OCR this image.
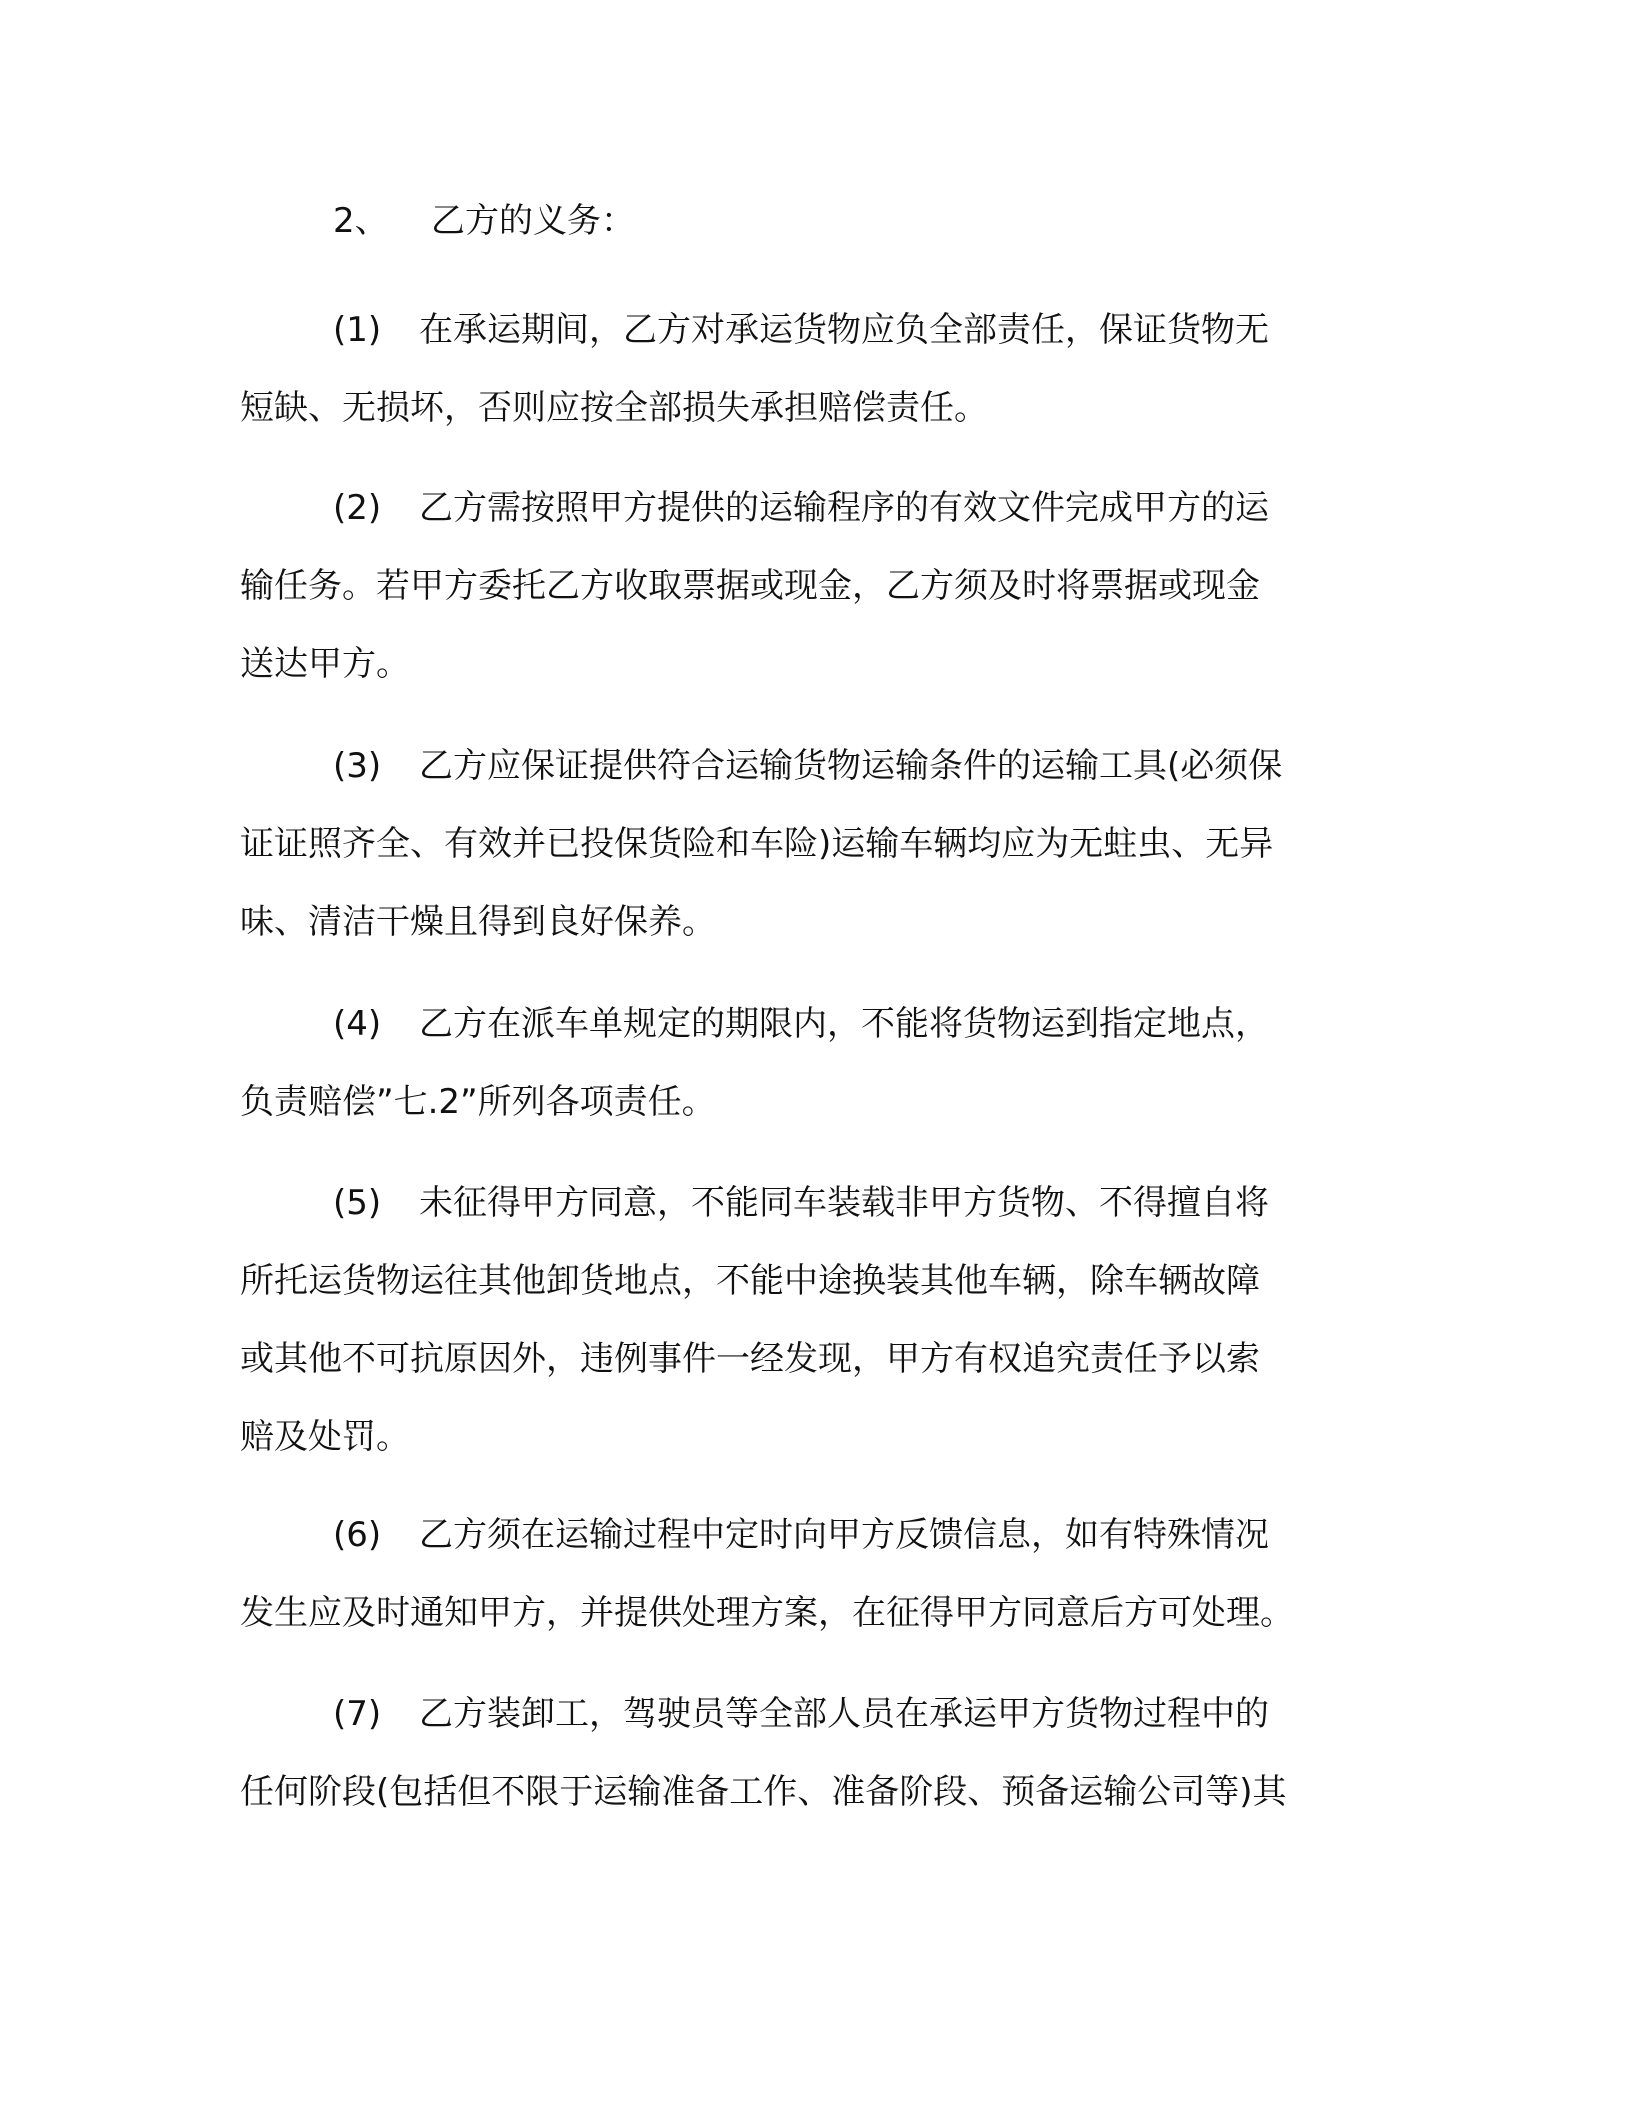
2、 乙方的义务：
(1) 在承运期间，乙方对承运货物应负全部责任，保证货物无
短缺、无损坏，否则应按全部损失承担赔偿责任。
(2) 乙方需按照甲方提供的运输程序的有效文件完成甲方的运
输任务。若甲方委托乙方收取票据或现金，乙方须及时将票据或现金
送达甲方。
(3) 乙方应保证提供符合运输货物运输条件的运输工具(必须保
证证照齐全、有效并已投保货险和车险)运输车辆均应为无蛀虫、无异
味、清洁干燥且得到良好保养。
(4) 乙方在派车单规定的期限内，不能将货物运到指定地点，
负责赔偿”七.2”所列各项责任。
(5) 未征得甲方同意，不能同车装载非甲方货物、不得擅自将
所托运货物运往其他卸货地点，不能中途换装其他车辆，除车辆故障
或其他不可抗原因外，违例事件一经发现，甲方有权追究责任予以索
赔及处罚。
(6) 乙方须在运输过程中定时向甲方反馈信息，如有特殊情况
发生应及时通知甲方，并提供处理方案，在征得甲方同意后方可处理。
(7) 乙方装卸工，驾驶员等全部人员在承运甲方货物过程中的
任何阶段(包括但不限于运输准备工作、准备阶段、预备运输公司等)其
